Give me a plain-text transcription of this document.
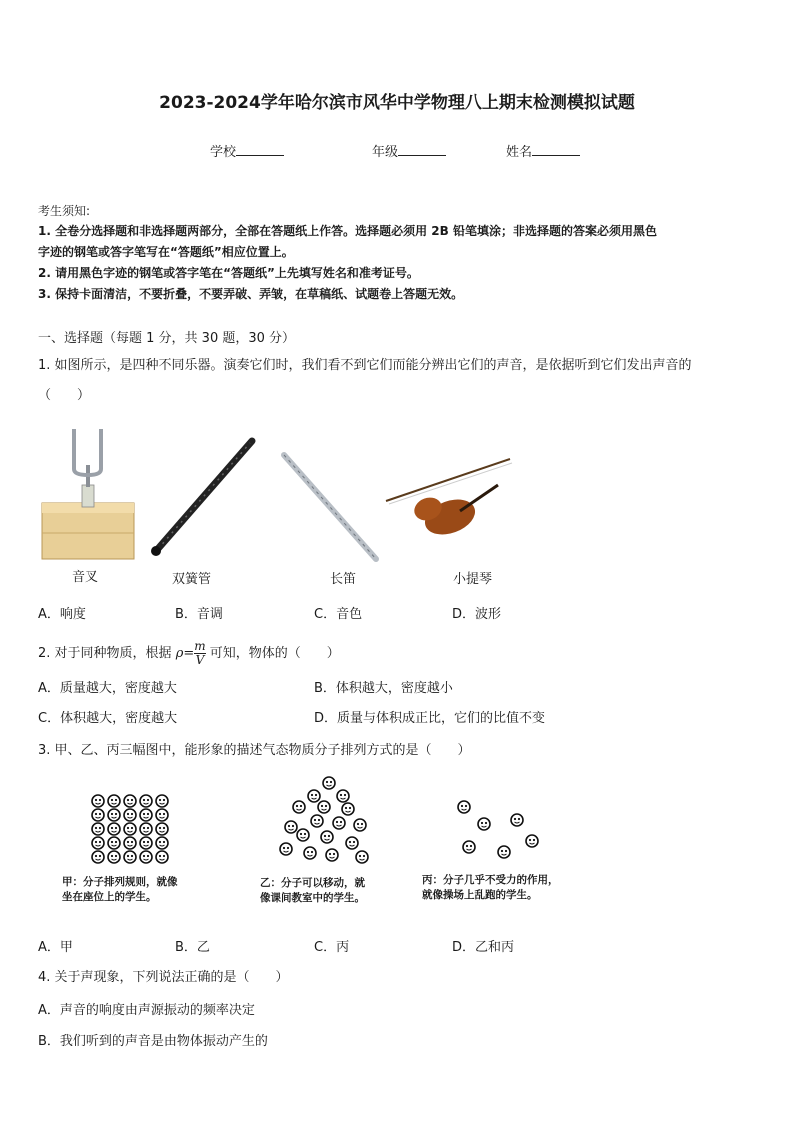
2023-2024学年哈尔滨市风华中学物理八上期末检测模拟试题
学校	年级	姓名
考生须知:
1. 全卷分选择题和非选择题两部分，全部在答题纸上作答。选择题必须用 2B 铅笔填涂；非选择题的答案必须用黑色
字迹的钢笔或答字笔写在“答题纸”相应位置上。
2. 请用黑色字迹的钢笔或答字笔在“答题纸”上先填写姓名和准考证号。
3. 保持卡面清洁，不要折叠，不要弄破、弄皱，在草稿纸、试题卷上答题无效。
一、选择题（每题 1 分，共 30 题，30 分）
1. 如图所示，是四种不同乐器。演奏它们时，我们看不到它们而能分辨出它们的声音，是依据听到它们发出声音的
（　　）
音叉	双簧管	长笛	小提琴
A．响度	B．音调	C．音色	D．波形
2. 对于同种物质，根据 $\rho= \frac{m}{V}$ 可知，物体的（　　）
A．质量越大，密度越大	B．体积越大，密度越小
C．体积越大，密度越大	D．质量与体积成正比，它们的比值不变
3. 甲、乙、丙三幅图中，能形象的描述气态物质分子排列方式的是（　　）
甲：分子排列规则，就像
坐在座位上的学生。
乙：分子可以移动，就
像课间教室中的学生。
丙：分子几乎不受力的作用，
就像操场上乱跑的学生。
A．甲	B．乙	C．丙	D．乙和丙
4. 关于声现象，下列说法正确的是（　　）
A．声音的响度由声源振动的频率决定
B．我们听到的声音是由物体振动产生的
